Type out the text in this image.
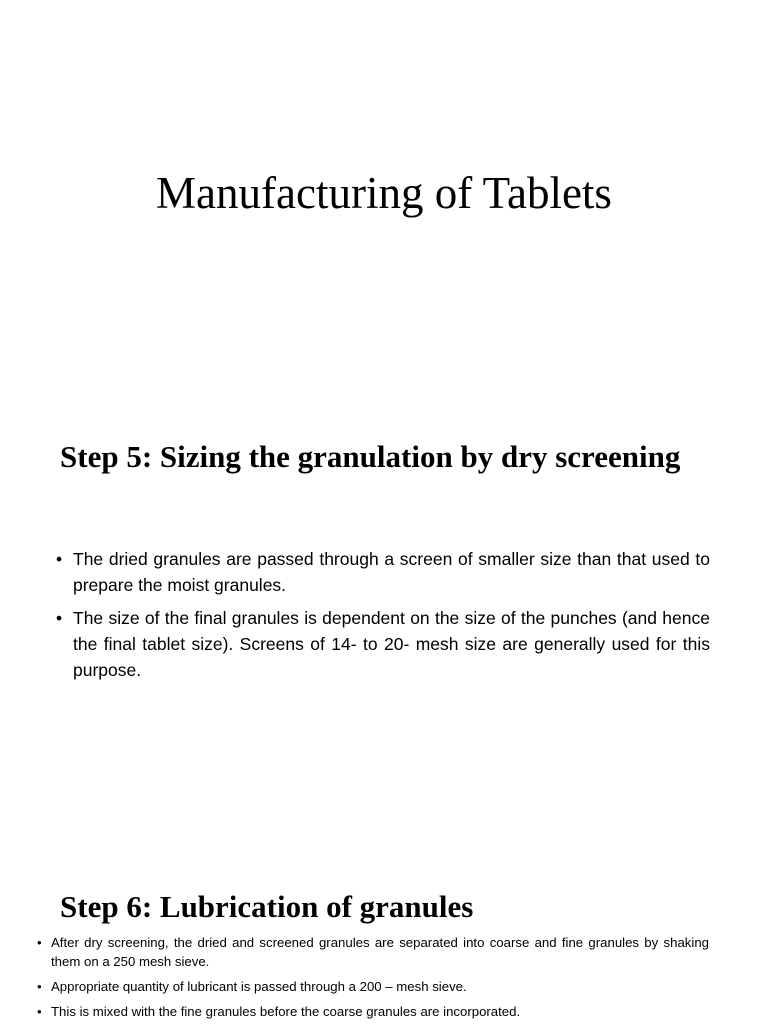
Manufacturing of Tablets
Step 5: Sizing the granulation by dry screening
• The dried granules are passed through a screen of smaller size than that used to prepare the moist granules.
• The size of the final granules is dependent on the size of the punches (and hence the final tablet size). Screens of 14- to 20- mesh size are generally used for this purpose.
Step 6: Lubrication of granules
• After dry screening, the dried and screened granules are separated into coarse and fine granules by shaking them on a 250 mesh sieve.
• Appropriate quantity of lubricant is passed through a 200 – mesh sieve.
• This is mixed with the fine granules before the coarse granules are incorporated.
